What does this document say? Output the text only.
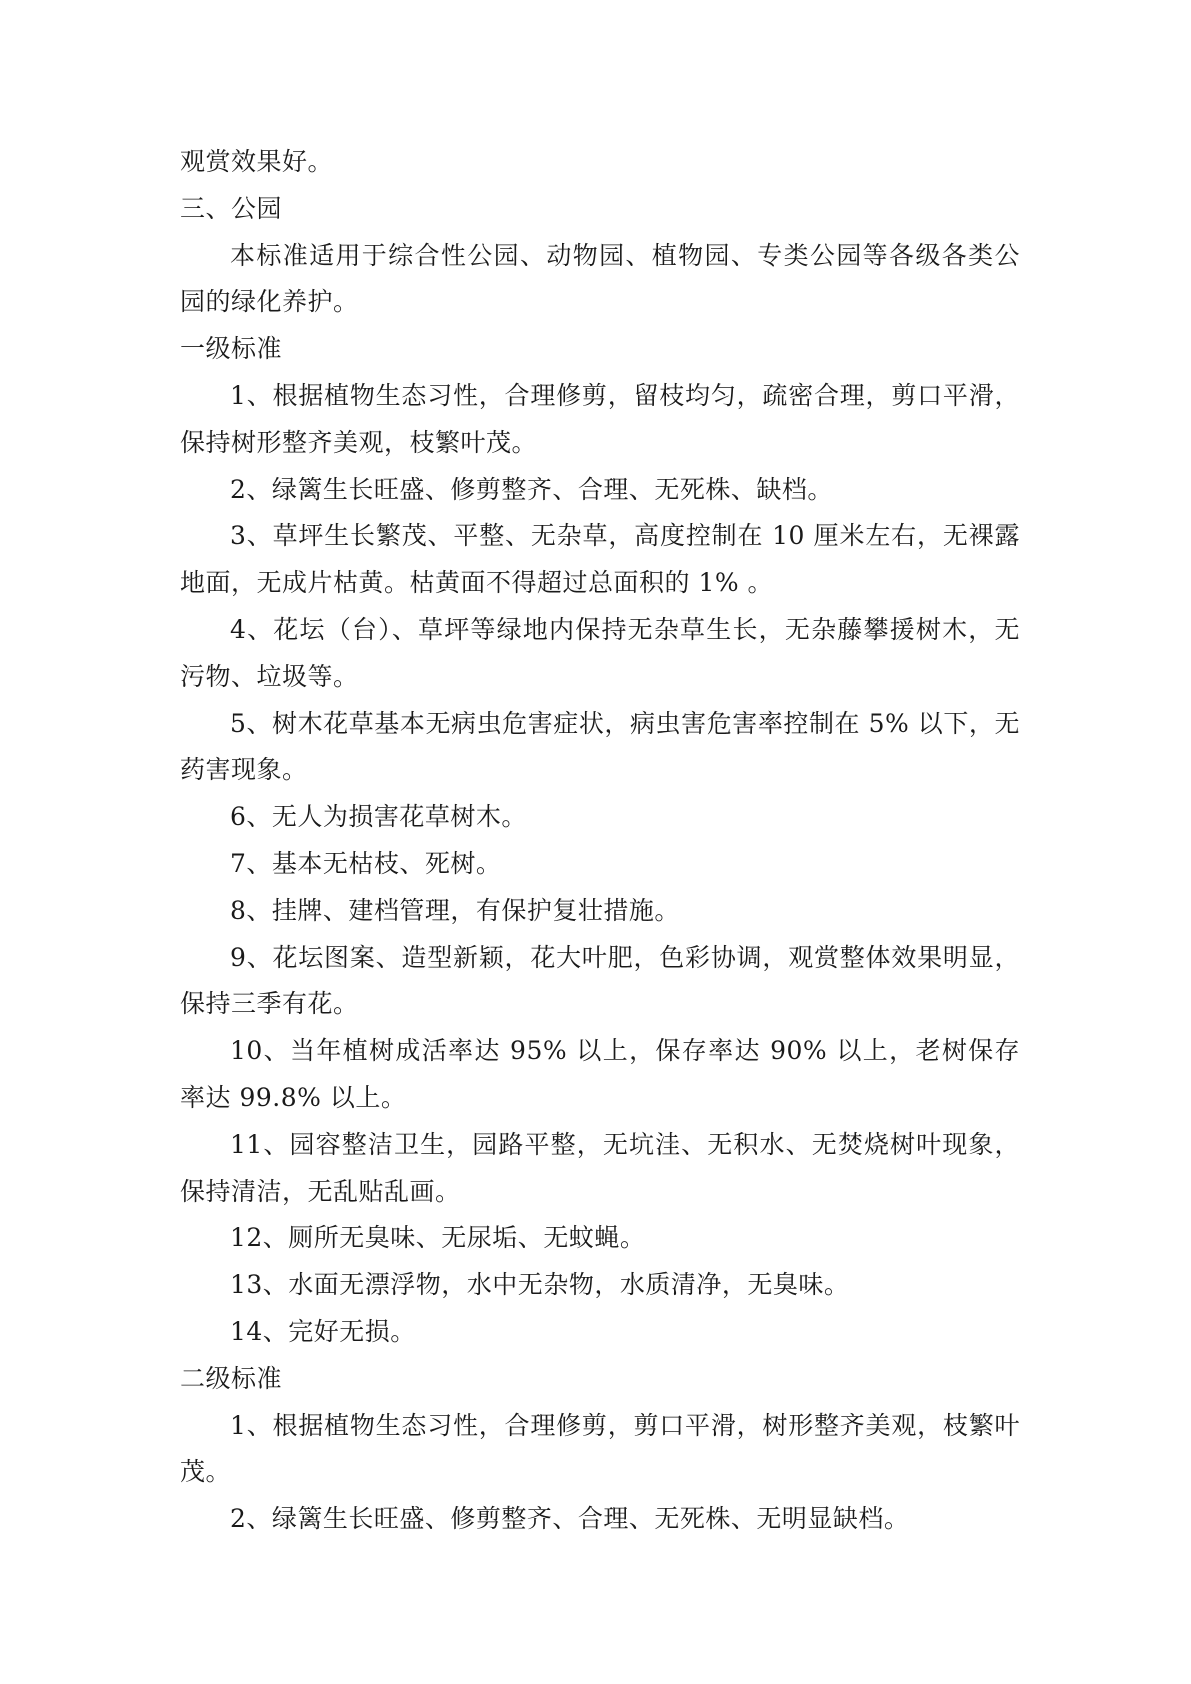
观赏效果好。

三、公园

本标准适用于综合性公园、动物园、植物园、专类公园等各级各类公园的绿化养护。

一级标准

1、根据植物生态习性，合理修剪，留枝均匀，疏密合理，剪口平滑，保持树形整齐美观，枝繁叶茂。

2、绿篱生长旺盛、修剪整齐、合理、无死株、缺档。

3、草坪生长繁茂、平整、无杂草，高度控制在 10 厘米左右，无裸露地面，无成片枯黄。枯黄面不得超过总面积的 1% 。

4、花坛（台）、草坪等绿地内保持无杂草生长，无杂藤攀援树木，无污物、垃圾等。

5、树木花草基本无病虫危害症状，病虫害危害率控制在 5% 以下，无药害现象。

6、无人为损害花草树木。

7、基本无枯枝、死树。

8、挂牌、建档管理，有保护复壮措施。

9、花坛图案、造型新颖，花大叶肥，色彩协调，观赏整体效果明显，保持三季有花。

10、当年植树成活率达 95% 以上，保存率达 90% 以上，老树保存率达 99.8% 以上。

11、园容整洁卫生，园路平整，无坑洼、无积水、无焚烧树叶现象，保持清洁，无乱贴乱画。

12、厕所无臭味、无尿垢、无蚊蝇。

13、水面无漂浮物，水中无杂物，水质清净，无臭味。

14、完好无损。

二级标准

1、根据植物生态习性，合理修剪，剪口平滑，树形整齐美观，枝繁叶茂。

2、绿篱生长旺盛、修剪整齐、合理、无死株、无明显缺档。
